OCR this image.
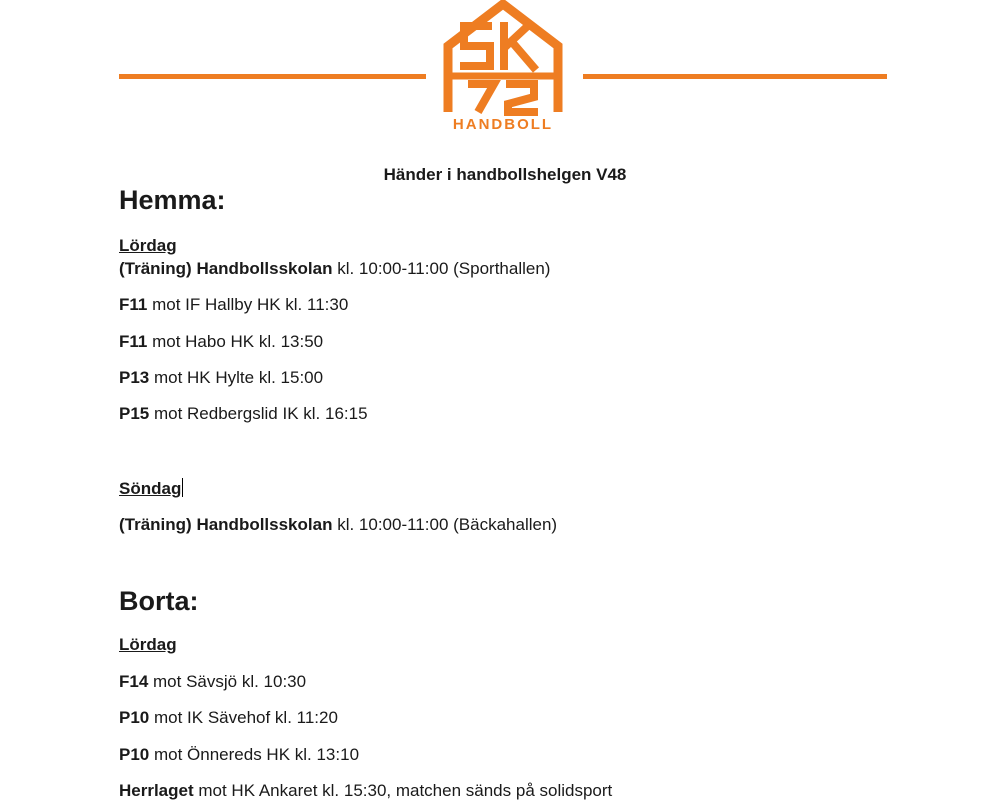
HANDBOLL
Händer i handbollshelgen V48
Hemma:
Lördag
(Träning) Handbollsskolan kl. 10:00-11:00 (Sporthallen)
F11 mot IF Hallby HK kl. 11:30
F11 mot Habo HK kl. 13:50
P13 mot HK Hylte kl. 15:00
P15 mot Redbergslid IK kl. 16:15
Söndag
(Träning) Handbollsskolan kl. 10:00-11:00 (Bäckahallen)
Borta:
Lördag
F14 mot Sävsjö kl. 10:30
P10 mot IK Sävehof kl. 11:20
P10 mot Önnereds HK kl. 13:10
Herrlaget mot HK Ankaret kl. 15:30, matchen sänds på solidsport
